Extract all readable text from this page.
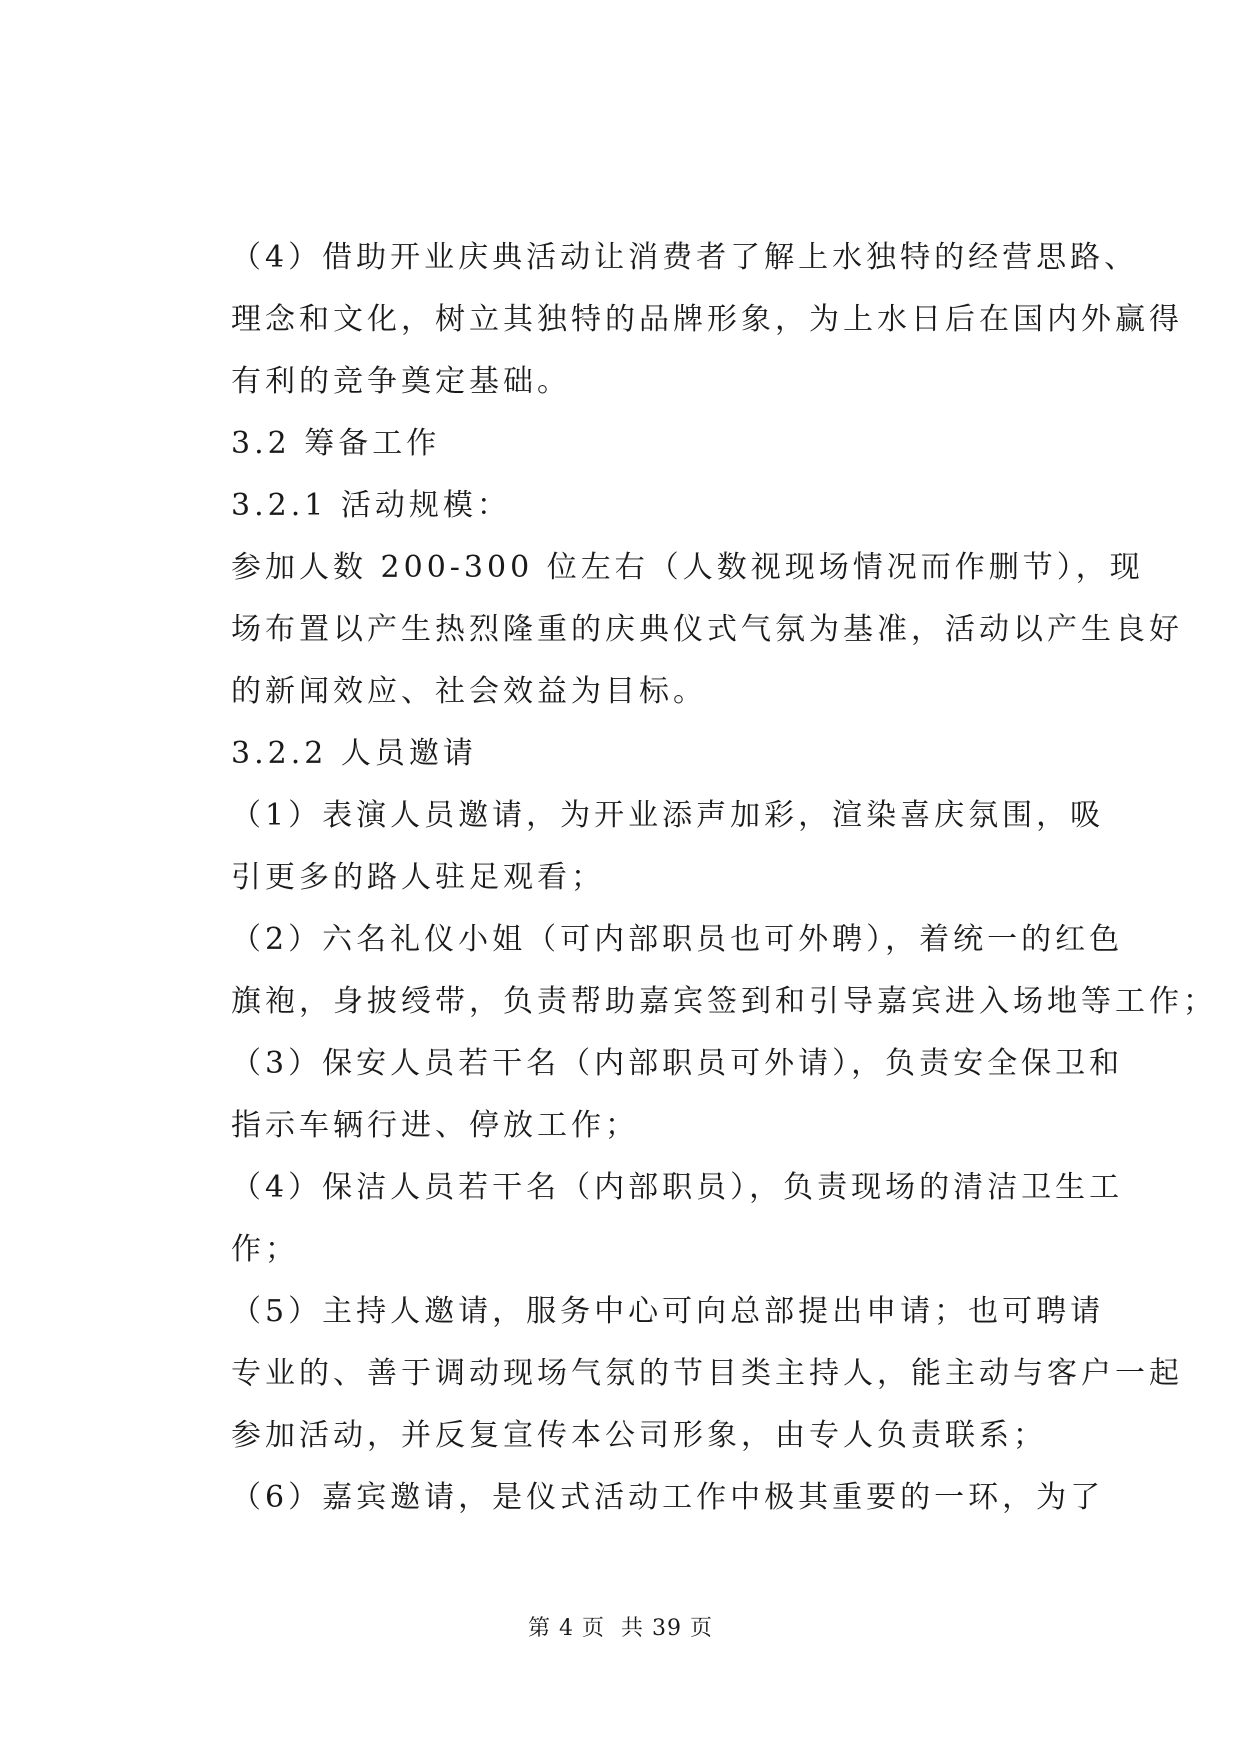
（4）借助开业庆典活动让消费者了解上水独特的经营思路、
理念和文化，树立其独特的品牌形象，为上水日后在国内外赢得
有利的竞争奠定基础。

3.2 筹备工作

3.2.1 活动规模：

参加人数 200-300 位左右（人数视现场情况而作删节），现
场布置以产生热烈隆重的庆典仪式气氛为基准，活动以产生良好
的新闻效应、社会效益为目标。

3.2.2 人员邀请

（1）表演人员邀请，为开业添声加彩，渲染喜庆氛围，吸
引更多的路人驻足观看；

（2）六名礼仪小姐（可内部职员也可外聘），着统一的红色
旗袍，身披绶带，负责帮助嘉宾签到和引导嘉宾进入场地等工作；

（3）保安人员若干名（内部职员可外请），负责安全保卫和
指示车辆行进、停放工作；

（4）保洁人员若干名（内部职员），负责现场的清洁卫生工
作；

（5）主持人邀请，服务中心可向总部提出申请；也可聘请
专业的、善于调动现场气氛的节目类主持人，能主动与客户一起
参加活动，并反复宣传本公司形象，由专人负责联系；

（6）嘉宾邀请，是仪式活动工作中极其重要的一环，为了

第 4 页  共 39 页
